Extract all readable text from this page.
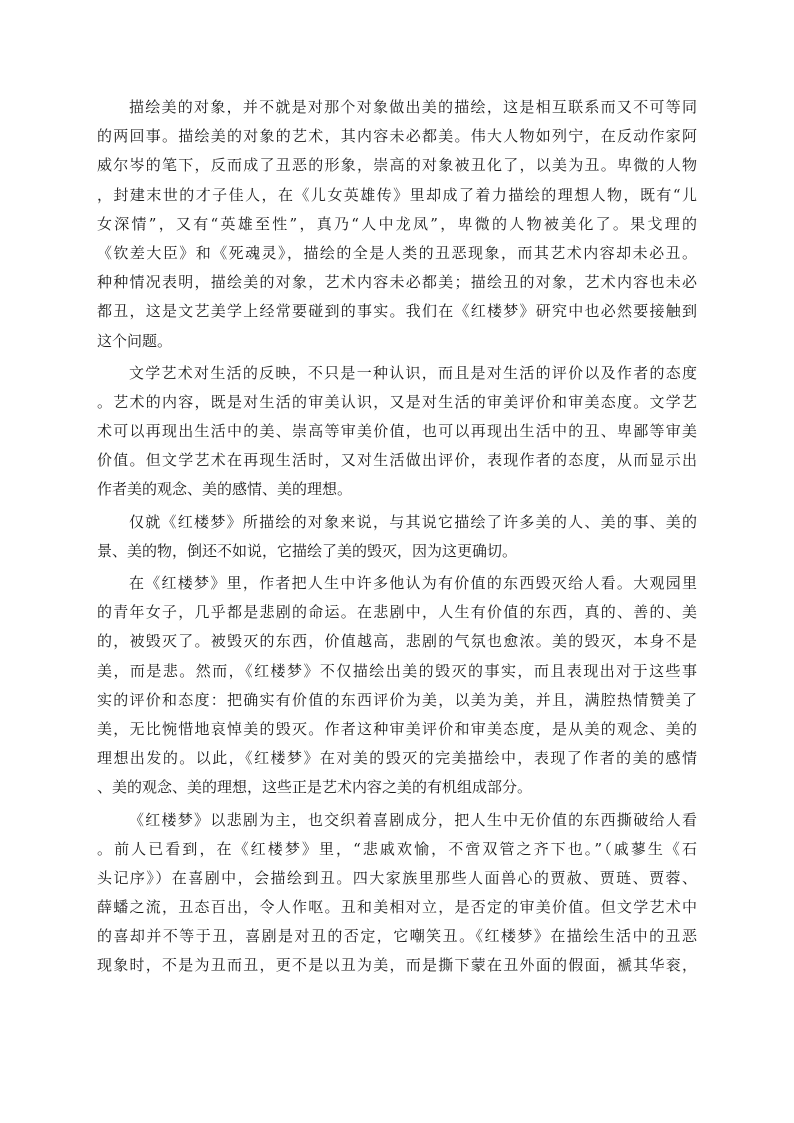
描绘美的对象，并不就是对那个对象做出美的描绘，这是相互联系而又不可等同
的两回事。描绘美的对象的艺术，其内容未必都美。伟大人物如列宁，在反动作家阿
威尔岑的笔下，反而成了丑恶的形象，崇高的对象被丑化了，以美为丑。卑微的人物
，封建末世的才子佳人，在《儿女英雄传》里却成了着力描绘的理想人物，既有“儿
女深情”，又有“英雄至性”，真乃“人中龙凤”，卑微的人物被美化了。果戈理的
《钦差大臣》和《死魂灵》，描绘的全是人类的丑恶现象，而其艺术内容却未必丑。
种种情况表明，描绘美的对象，艺术内容未必都美；描绘丑的对象，艺术内容也未必
都丑，这是文艺美学上经常要碰到的事实。我们在《红楼梦》研究中也必然要接触到
这个问题。
文学艺术对生活的反映，不只是一种认识，而且是对生活的评价以及作者的态度
。艺术的内容，既是对生活的审美认识，又是对生活的审美评价和审美态度。文学艺
术可以再现出生活中的美、崇高等审美价值，也可以再现出生活中的丑、卑鄙等审美
价值。但文学艺术在再现生活时，又对生活做出评价，表现作者的态度，从而显示出
作者美的观念、美的感情、美的理想。
仅就《红楼梦》所描绘的对象来说，与其说它描绘了许多美的人、美的事、美的
景、美的物，倒还不如说，它描绘了美的毁灭，因为这更确切。
在《红楼梦》里，作者把人生中许多他认为有价值的东西毁灭给人看。大观园里
的青年女子，几乎都是悲剧的命运。在悲剧中，人生有价值的东西，真的、善的、美
的，被毁灭了。被毁灭的东西，价值越高，悲剧的气氛也愈浓。美的毁灭，本身不是
美，而是悲。然而，《红楼梦》不仅描绘出美的毁灭的事实，而且表现出对于这些事
实的评价和态度：把确实有价值的东西评价为美，以美为美，并且，满腔热情赞美了
美，无比惋惜地哀悼美的毁灭。作者这种审美评价和审美态度，是从美的观念、美的
理想出发的。以此，《红楼梦》在对美的毁灭的完美描绘中，表现了作者的美的感情
、美的观念、美的理想，这些正是艺术内容之美的有机组成部分。
《红楼梦》以悲剧为主，也交织着喜剧成分，把人生中无价值的东西撕破给人看
。前人已看到，在《红楼梦》里，“悲戚欢愉，不啻双管之齐下也。”（戚蓼生《石
头记序》）在喜剧中，会描绘到丑。四大家族里那些人面兽心的贾赦、贾琏、贾蓉、
薛蟠之流，丑态百出，令人作呕。丑和美相对立，是否定的审美价值。但文学艺术中
的喜却并不等于丑，喜剧是对丑的否定，它嘲笑丑。《红楼梦》在描绘生活中的丑恶
现象时，不是为丑而丑，更不是以丑为美，而是撕下蒙在丑外面的假面，褫其华衮，
